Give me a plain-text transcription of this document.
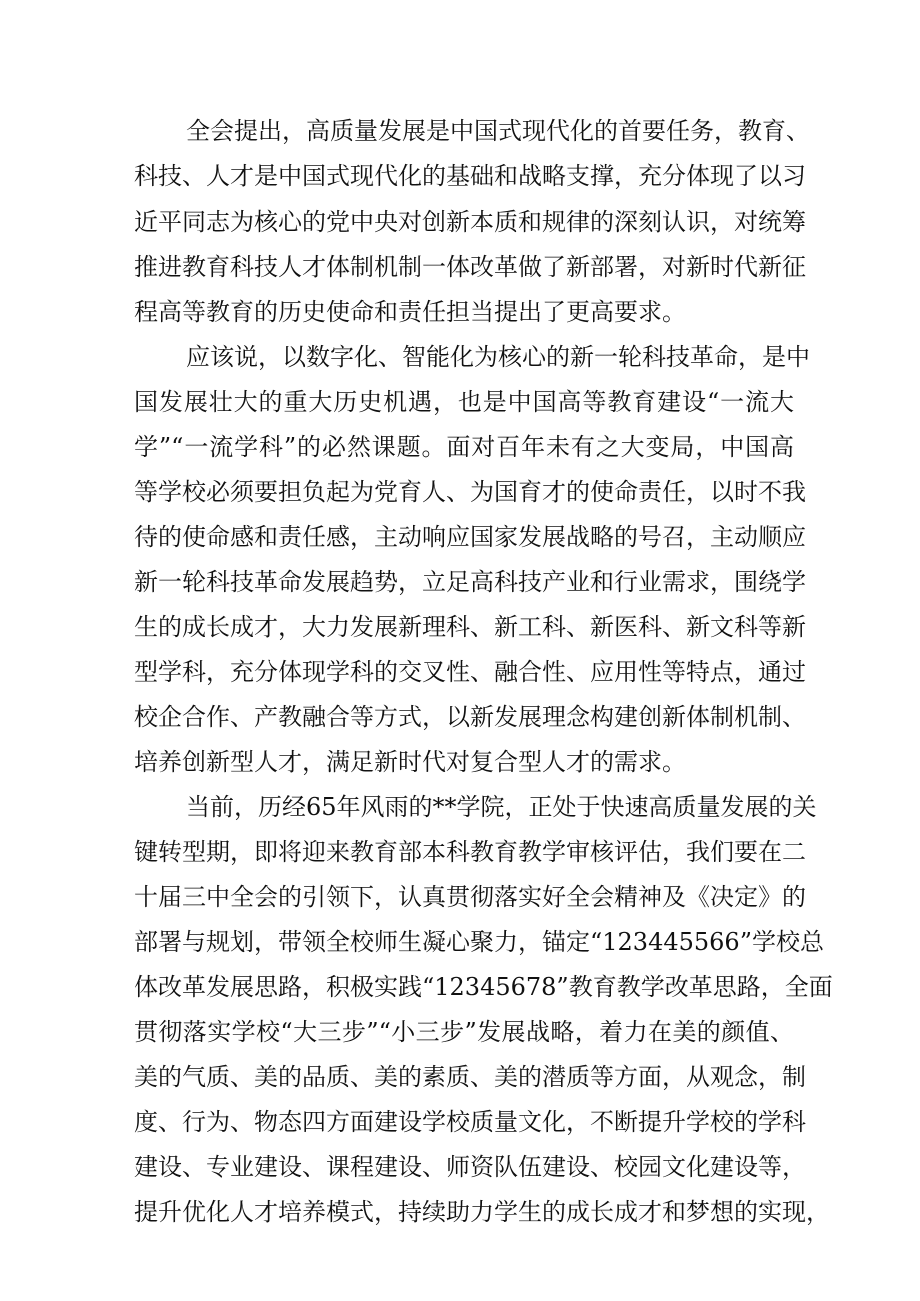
全会提出，高质量发展是中国式现代化的首要任务，教育、
科技、人才是中国式现代化的基础和战略支撑，充分体现了以习
近平同志为核心的党中央对创新本质和规律的深刻认识，对统筹
推进教育科技人才体制机制一体改革做了新部署，对新时代新征
程高等教育的历史使命和责任担当提出了更高要求。
应该说，以数字化、智能化为核心的新一轮科技革命，是中
国发展壮大的重大历史机遇，也是中国高等教育建设“一流大
学”“一流学科”的必然课题。面对百年未有之大变局，中国高
等学校必须要担负起为党育人、为国育才的使命责任，以时不我
待的使命感和责任感，主动响应国家发展战略的号召，主动顺应
新一轮科技革命发展趋势，立足高科技产业和行业需求，围绕学
生的成长成才，大力发展新理科、新工科、新医科、新文科等新
型学科，充分体现学科的交叉性、融合性、应用性等特点，通过
校企合作、产教融合等方式，以新发展理念构建创新体制机制、
培养创新型人才，满足新时代对复合型人才的需求。
当前，历经65年风雨的**学院，正处于快速高质量发展的关
键转型期，即将迎来教育部本科教育教学审核评估，我们要在二
十届三中全会的引领下，认真贯彻落实好全会精神及《决定》的
部署与规划，带领全校师生凝心聚力，锚定“123445566”学校总
体改革发展思路，积极实践“12345678”教育教学改革思路，全面
贯彻落实学校“大三步”“小三步”发展战略，着力在美的颜值、
美的气质、美的品质、美的素质、美的潜质等方面，从观念，制
度、行为、物态四方面建设学校质量文化，不断提升学校的学科
建设、专业建设、课程建设、师资队伍建设、校园文化建设等，
提升优化人才培养模式，持续助力学生的成长成才和梦想的实现，
